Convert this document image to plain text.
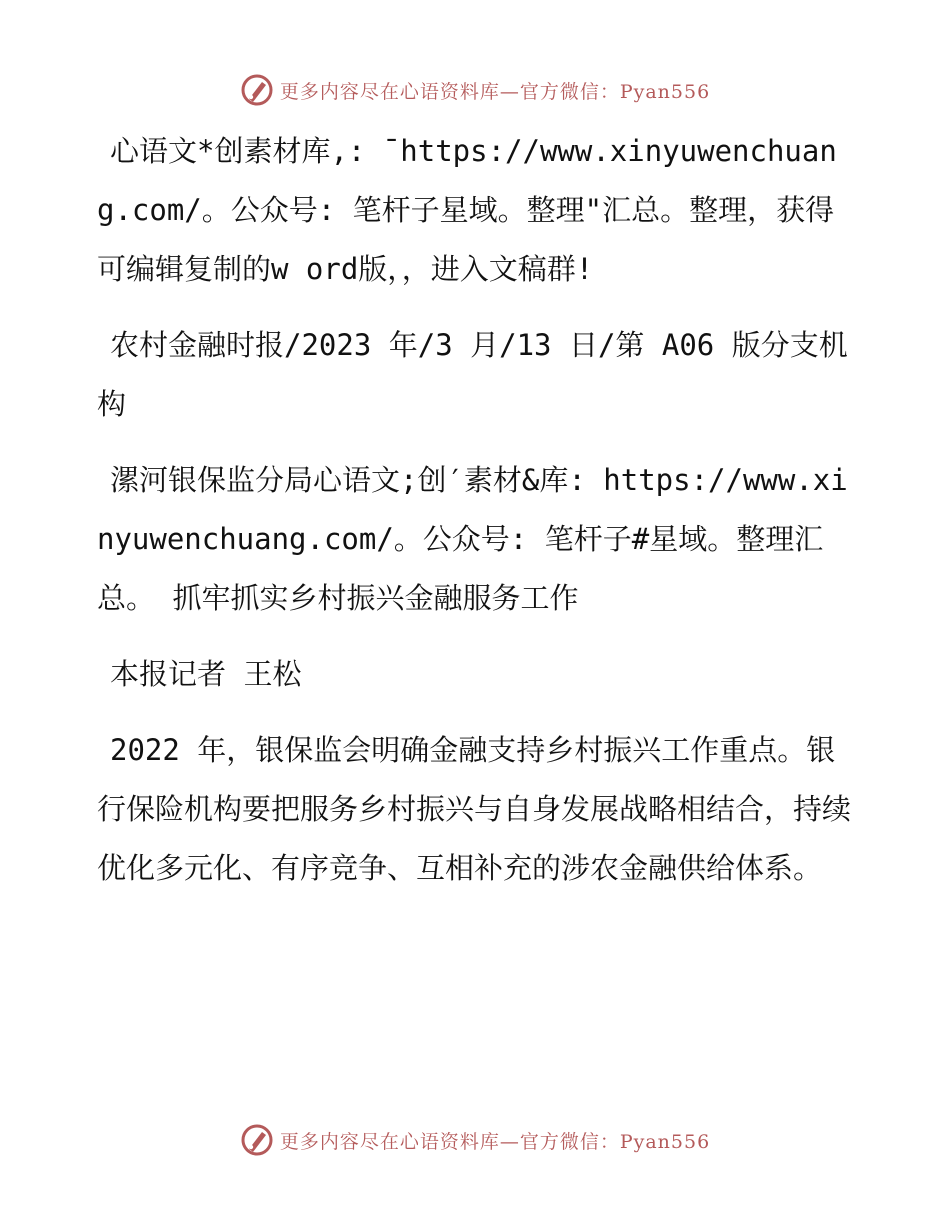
更多内容尽在心语资料库—官方微信：Pyan556

心语文*创素材库,: ¯https://www.xinyuwenchuang.com/。公众号: 笔杆子星域。整理"汇总。整理，获得可编辑复制的w ord版，，进入文稿群!

农村金融时报/2023 年/3 月/13 日/第 A06 版分支机构

漯河银保监分局心语文;创′素材&库: https://www.xinyuwenchuang.com/。公众号: 笔杆子#星域。整理汇总。 抓牢抓实乡村振兴金融服务工作

本报记者 王松

2022 年，银保监会明确金融支持乡村振兴工作重点。银行保险机构要把服务乡村振兴与自身发展战略相结合，持续优化多元化、有序竞争、互相补充的涉农金融供给体系。

更多内容尽在心语资料库—官方微信：Pyan556
